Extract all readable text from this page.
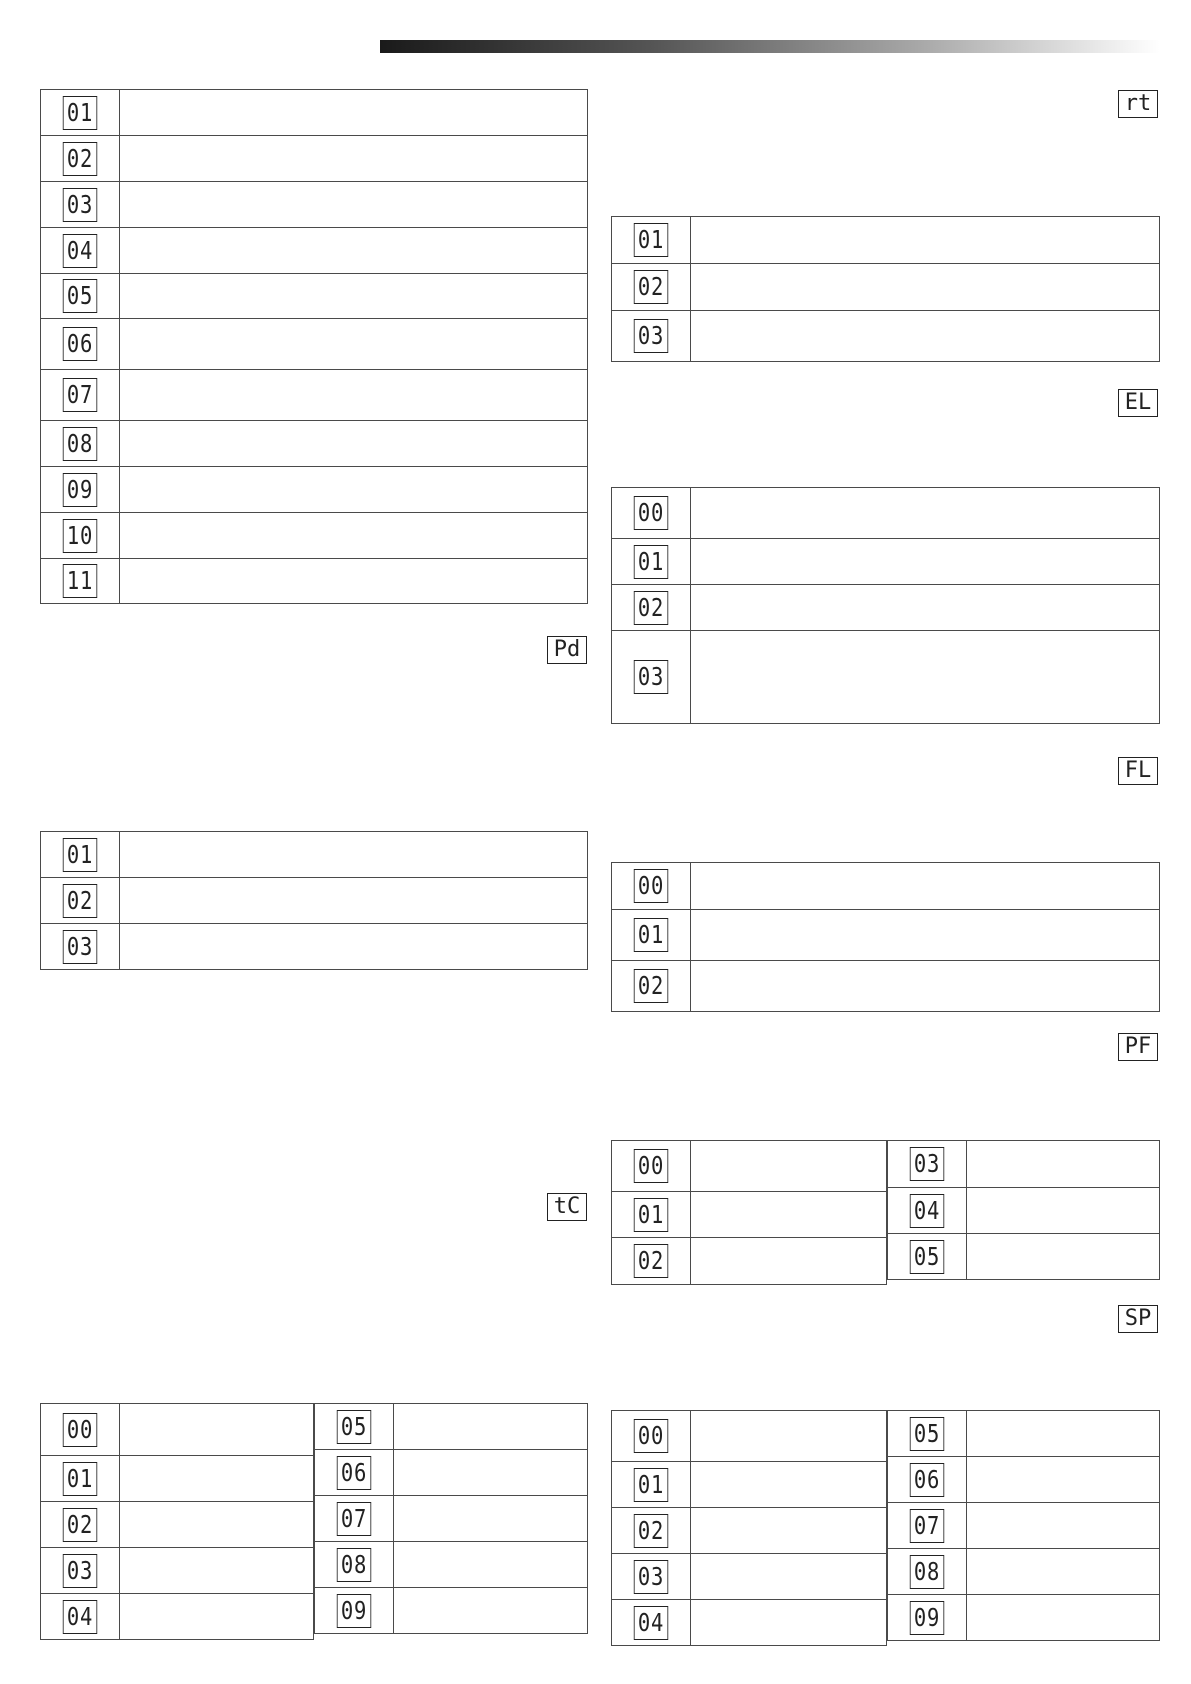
01	
02	
03	
04	
05	
06	
07	
08	
09	
10	
11	
Pd
01	
02	
03	
tC
00	
01	
02	
03	
04	
05	
06	
07	
08	
09	
rt
01	
02	
03	
EL
00	
01	
02	
03	
FL
00	
01	
02	
PF
00	
01	
02	
03	
04	
05	
SP
00	
01	
02	
03	
04	
05	
06	
07	
08	
09	
